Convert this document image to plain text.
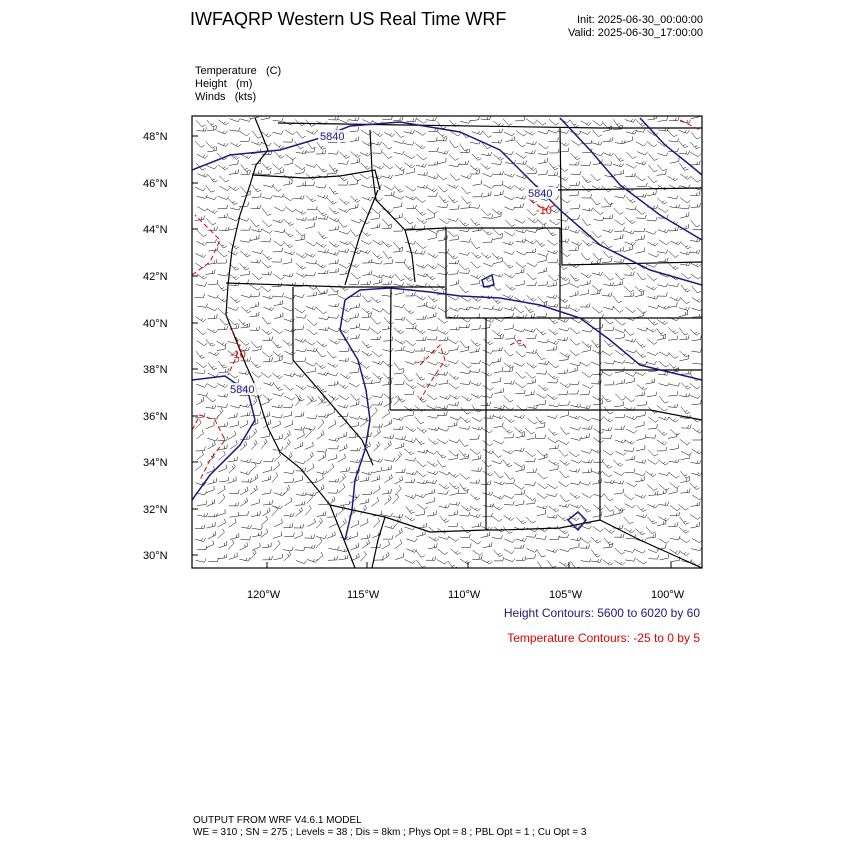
IWFAQRP Western US Real Time WRF	Init: 2025-06-30_00:00:00
Valid: 2025-06-30_17:00:00
Temperature (C)
Height (m)
Winds (kts)
5840
5840
5840
-10
-10
48°N
46°N
44°N
42°N
40°N
38°N
36°N
34°N
32°N
30°N
120°W	115°W	110°W	105°W	100°W
Height Contours: 5600 to 6020 by 60
Temperature Contours: -25 to 0 by 5
OUTPUT FROM WRF V4.6.1 MODEL
WE = 310 ; SN = 275 ; Levels = 38 ; Dis = 8km ; Phys Opt = 8 ; PBL Opt = 1 ; Cu Opt = 3
